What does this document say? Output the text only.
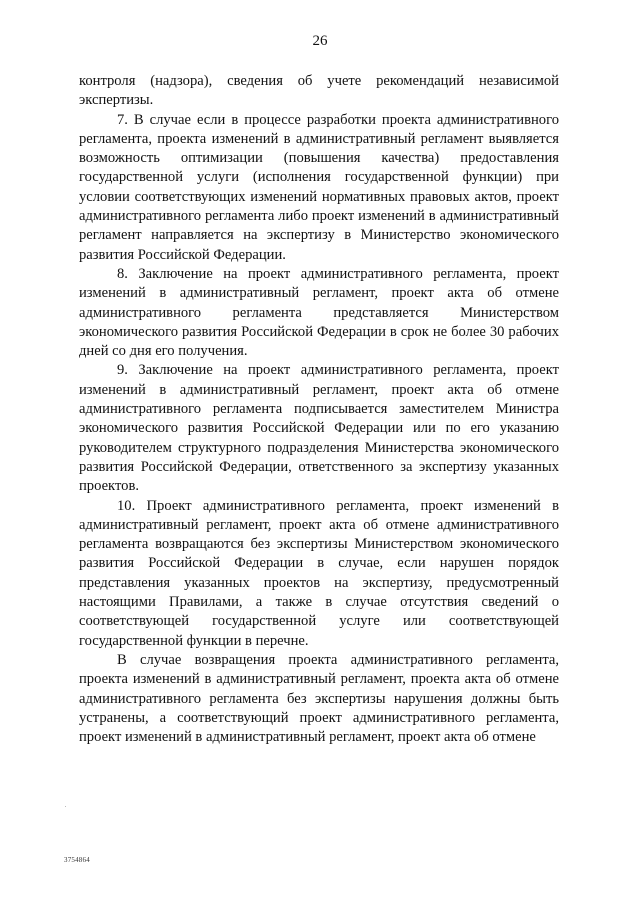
26

контроля (надзора), сведения об учете рекомендаций независимой экспертизы.

7. В случае если в процессе разработки проекта административного регламента, проекта изменений в административный регламент выявляется возможность оптимизации (повышения качества) предоставления государственной услуги (исполнения государственной функции) при условии соответствующих изменений нормативных правовых актов, проект административного регламента либо проект изменений в административный регламент направляется на экспертизу в Министерство экономического развития Российской Федерации.

8. Заключение на проект административного регламента, проект изменений в административный регламент, проект акта об отмене административного регламента представляется Министерством экономического развития Российской Федерации в срок не более 30 рабочих дней со дня его получения.

9. Заключение на проект административного регламента, проект изменений в административный регламент, проект акта об отмене административного регламента подписывается заместителем Министра экономического развития Российской Федерации или по его указанию руководителем структурного подразделения Министерства экономического развития Российской Федерации, ответственного за экспертизу указанных проектов.

10. Проект административного регламента, проект изменений в административный регламент, проект акта об отмене административного регламента возвращаются без экспертизы Министерством экономического развития Российской Федерации в случае, если нарушен порядок представления указанных проектов на экспертизу, предусмотренный настоящими Правилами, а также в случае отсутствия сведений о соответствующей государственной услуге или соответствующей государственной функции в перечне.

В случае возвращения проекта административного регламента, проекта изменений в административный регламент, проекта акта об отмене административного регламента без экспертизы нарушения должны быть устранены, а соответствующий проект административного регламента, проект изменений в административный регламент, проект акта об отмене

3754864
